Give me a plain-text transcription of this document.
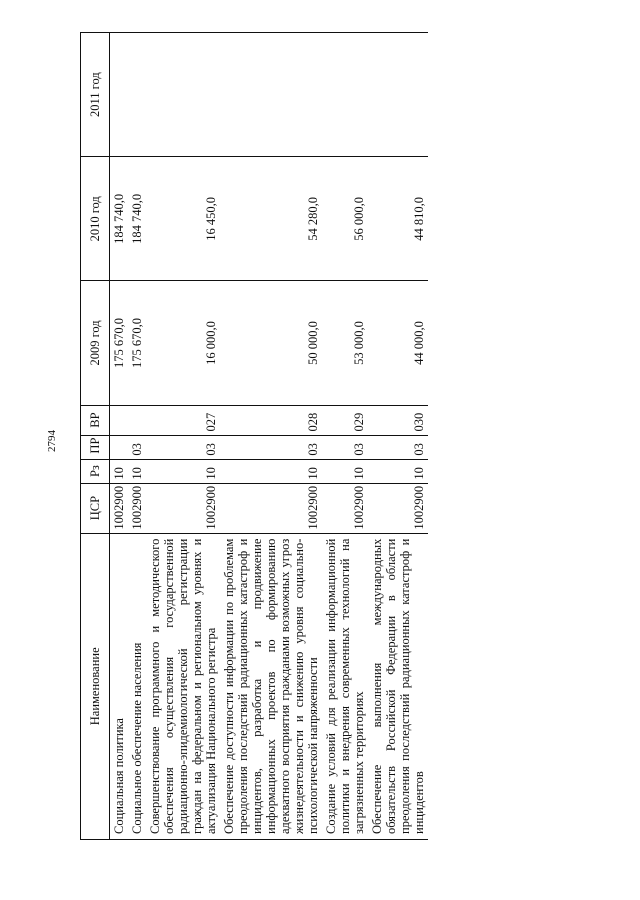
2794
Наименование	ЦСР	Рз	ПР	ВР	2009 год	2010 год	2011 год
Социальная политика	1002900	10			175 670,0	184 740,0	
Социальное обеспечение населения	1002900	10	03		175 670,0	184 740,0	
Совершенствование программного и методического обеспечения осуществления государственной радиационно-эпидемиологической регистрации граждан на федеральном и региональном уровнях и актуализация Национального регистра	1002900	10	03	027	16 000,0	16 450,0	
Обеспечение доступности информации по проблемам преодоления последствий радиационных катастроф и инцидентов, разработка и продвижение информационных проектов по формированию адекватного восприятия гражданами возможных угроз жизнедеятельности и снижению уровня социально-психологической напряженности	1002900	10	03	028	50 000,0	54 280,0	
Создание условий для реализации информационной политики и внедрения современных технологий на загрязненных территориях	1002900	10	03	029	53 000,0	56 000,0	
Обеспечение выполнения международных обязательств Российской Федерации в области преодоления последствий радиационных катастроф и инцидентов	1002900	10	03	030	44 000,0	44 810,0	
